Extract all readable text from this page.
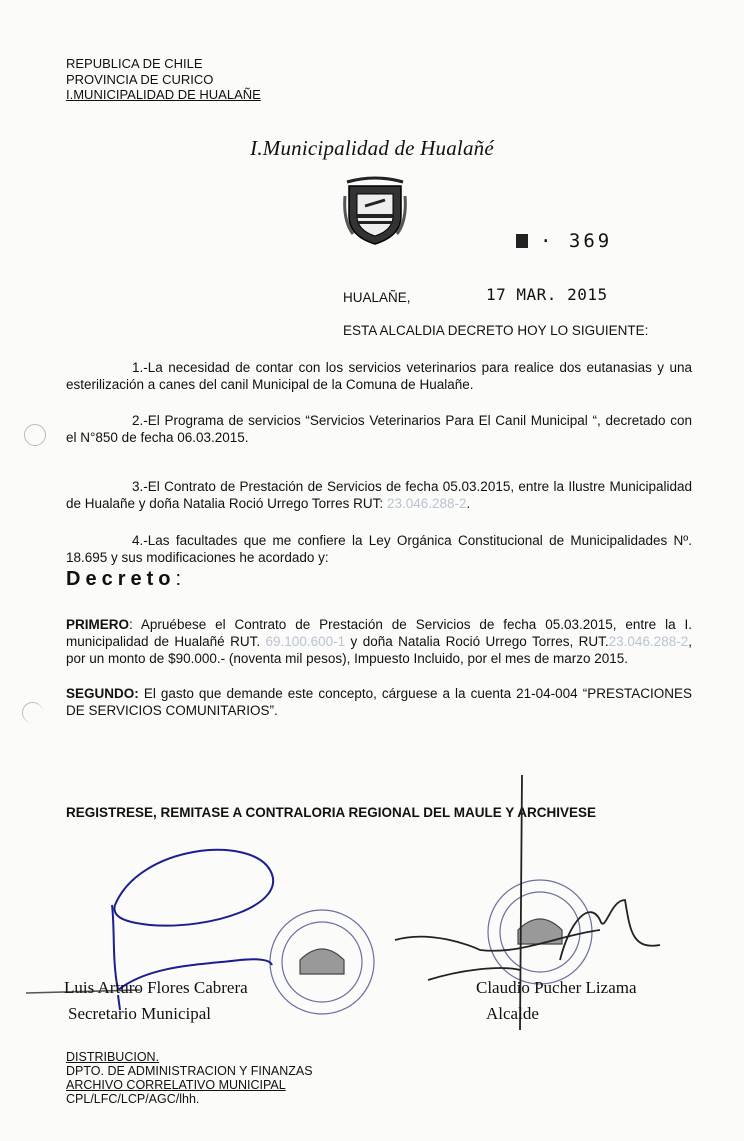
REPUBLICA DE CHILE
PROVINCIA DE CURICO
I.MUNICIPALIDAD DE HUALAÑE
I.Municipalidad de Hualañé
· 369
HUALAÑE,	17 MAR. 2015
ESTA ALCALDIA DECRETO HOY LO SIGUIENTE:
1.-La necesidad de contar con los servicios veterinarios para realice dos eutanasias y una esterilización a canes del canil Municipal de la Comuna de Hualañe.
2.-El Programa de servicios “Servicios Veterinarios Para El Canil Municipal “, decretado con el N°850 de fecha 06.03.2015.
3.-El Contrato de Prestación de Servicios de fecha 05.03.2015, entre la Ilustre Municipalidad de Hualañe y doña Natalia Roció Urrego Torres RUT: 23.046.288-2.
4.-Las facultades que me confiere la Ley Orgánica Constitucional de Municipalidades Nº. 18.695 y sus modificaciones he acordado y:
Decreto:
PRIMERO: Apruébese el Contrato de Prestación de Servicios de fecha 05.03.2015, entre la I. municipalidad de Hualañé RUT. 69.100.600-1 y doña Natalia Roció Urrego Torres, RUT.23.046.288-2, por un monto de $90.000.- (noventa mil pesos), Impuesto Incluido, por el mes de marzo 2015.
SEGUNDO: El gasto que demande este concepto, cárguese a la cuenta 21-04-004 “PRESTACIONES DE SERVICIOS COMUNITARIOS”.
REGISTRESE, REMITASE A CONTRALORIA REGIONAL DEL MAULE Y ARCHIVESE
Luis Arturo Flores Cabrera
Secretario Municipal
Claudio Pucher Lizama
Alcalde
DISTRIBUCION.
DPTO. DE ADMINISTRACION Y FINANZAS
ARCHIVO CORRELATIVO MUNICIPAL
CPL/LFC/LCP/AGC/lhh.
